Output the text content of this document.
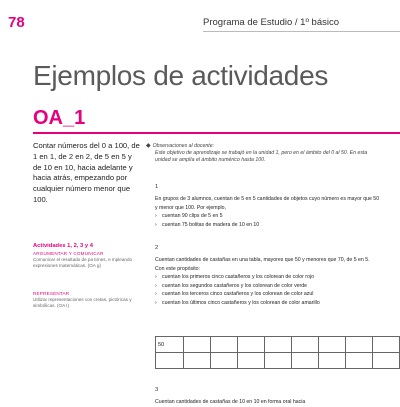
78	Programa de Estudio / 1º básico
Ejemplos de actividades
OA_1
Contar números del 0 a 100, de 1 en 1, de 2 en 2, de 5 en 5 y de 10 en 10, hacia adelante y hacia atrás, empezando por cualquier número menor que 100.
Actividades 1, 2, 3 y 4
ARGUMENTAR Y COMUNICAR
Comunicar el resultado de pa tirnes, e mpleando expresiones matemáticas. (OA g)
REPRESENTAR
Utilizar representaciones con cretas, pictóricas y simbólicas. (OA I)
◆ Observaciones al docente:
Este objetivo de aprendizaje se trabajó en la unidad 1, pero en el ámbito del 0 al 50. En esta unidad se amplía el ámbito numérico hasta 100.
1
En grupos de 3 alumnos, cuentan de 5 en 5 cantidades de objetos cuyo número es mayor que 50 y menor que 100. Por ejemplo,
› cuentan 90 clips de 5 en 5
› cuentan 75 bolitas de madera de 10 en 10
2
Cuentan cantidades de castañas en una tabla, mayores que 50 y menores que 70, de 5 en 5.
Con este propósito:
› cuentan los primeros cinco castañeros y los colorean de color rojo
› cuentan los segundos castañeros y los colorean de color verde
› cuentan los terceros cinco castañeros y los colorean de color azul
› cuentan los últimos cinco castañeros y los colorean de color amarillo
50								

3
Cuentan cantidades de castañas de 10 en 10 en forma oral hacia
